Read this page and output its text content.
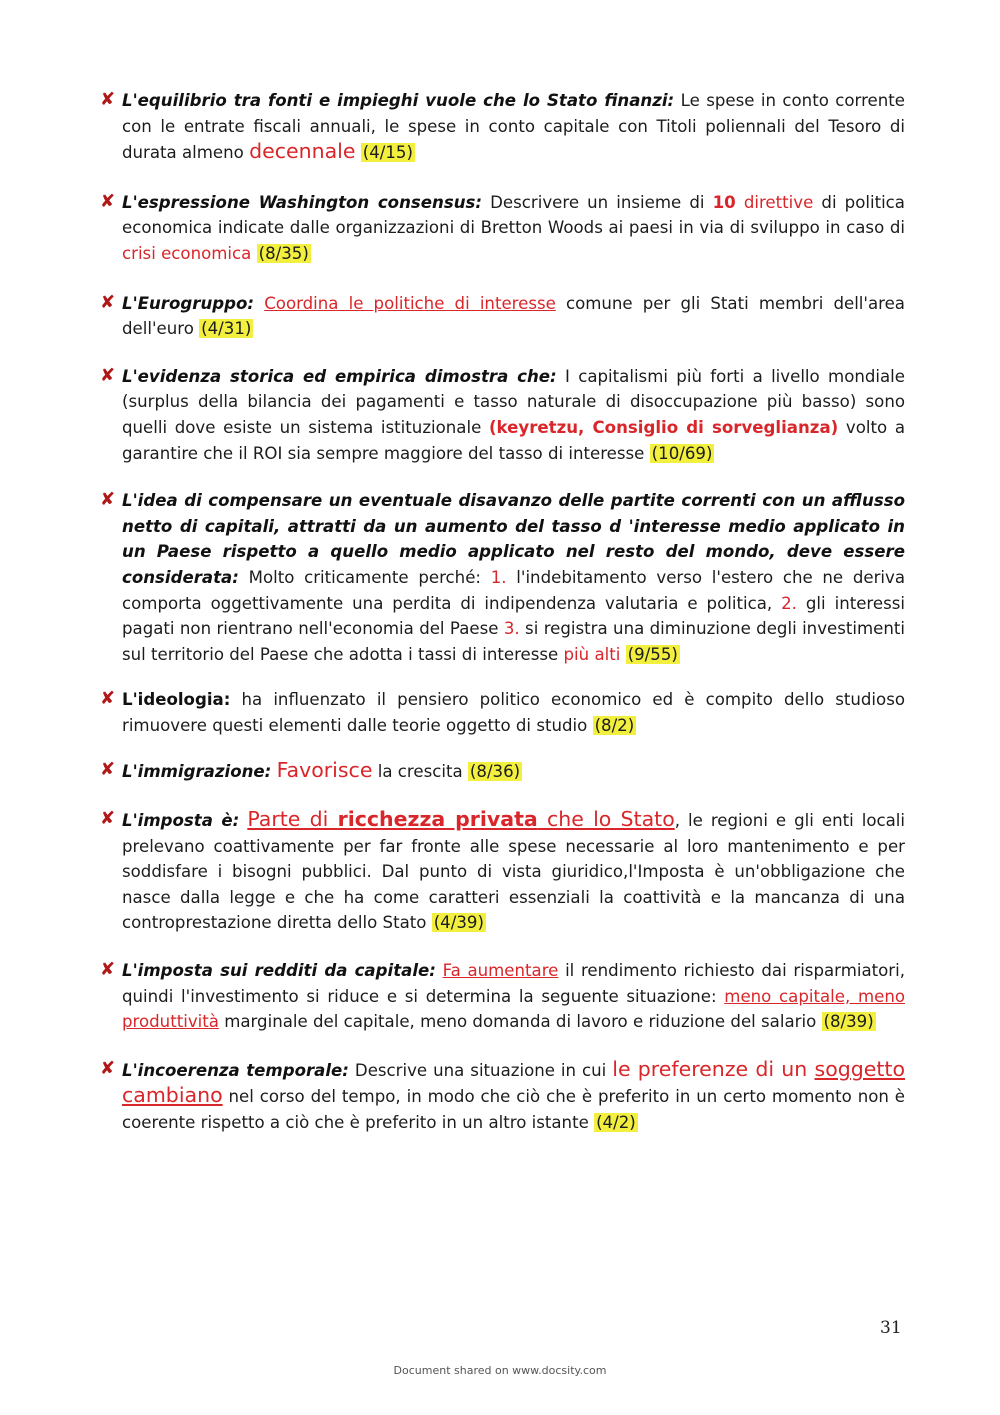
✘ L'equilibrio tra fonti e impieghi vuole che lo Stato finanzi: Le spese in conto corrente con le entrate fiscali annuali, le spese in conto capitale con Titoli poliennali del Tesoro di durata almeno decennale (4/15)
✘ L'espressione Washington consensus: Descrivere un insieme di 10 direttive di politica economica indicate dalle organizzazioni di Bretton Woods ai paesi in via di sviluppo in caso di crisi economica (8/35)
✘ L'Eurogruppo: Coordina le politiche di interesse comune per gli Stati membri dell'area dell'euro (4/31)
✘ L'evidenza storica ed empirica dimostra che: I capitalismi più forti a livello mondiale (surplus della bilancia dei pagamenti e tasso naturale di disoccupazione più basso) sono quelli dove esiste un sistema istituzionale (keyretzu, Consiglio di sorveglianza) volto a garantire che il ROI sia sempre maggiore del tasso di interesse (10/69)
✘ L'idea di compensare un eventuale disavanzo delle partite correnti con un afflusso netto di capitali, attratti da un aumento del tasso d 'interesse medio applicato in un Paese rispetto a quello medio applicato nel resto del mondo, deve essere considerata: Molto criticamente perché: 1. l'indebitamento verso l'estero che ne deriva comporta oggettivamente una perdita di indipendenza valutaria e politica, 2. gli interessi pagati non rientrano nell'economia del Paese 3. si registra una diminuzione degli investimenti sul territorio del Paese che adotta i tassi di interesse più alti (9/55)
✘ L'ideologia: ha influenzato il pensiero politico economico ed è compito dello studioso rimuovere questi elementi dalle teorie oggetto di studio (8/2)
✘ L'immigrazione: Favorisce la crescita (8/36)
✘ L'imposta è: Parte di ricchezza privata che lo Stato, le regioni e gli enti locali prelevano coattivamente per far fronte alle spese necessarie al loro mantenimento e per soddisfare i bisogni pubblici. Dal punto di vista giuridico,l'Imposta è un'obbligazione che nasce dalla legge e che ha come caratteri essenziali la coattività e la mancanza di una controprestazione diretta dello Stato (4/39)
✘ L'imposta sui redditi da capitale: Fa aumentare il rendimento richiesto dai risparmiatori, quindi l'investimento si riduce e si determina la seguente situazione: meno capitale, meno produttività marginale del capitale, meno domanda di lavoro e riduzione del salario (8/39)
✘ L'incoerenza temporale: Descrive una situazione in cui le preferenze di un soggetto cambiano nel corso del tempo, in modo che ciò che è preferito in un certo momento non è coerente rispetto a ciò che è preferito in un altro istante (4/2)
31
Document shared on www.docsity.com
